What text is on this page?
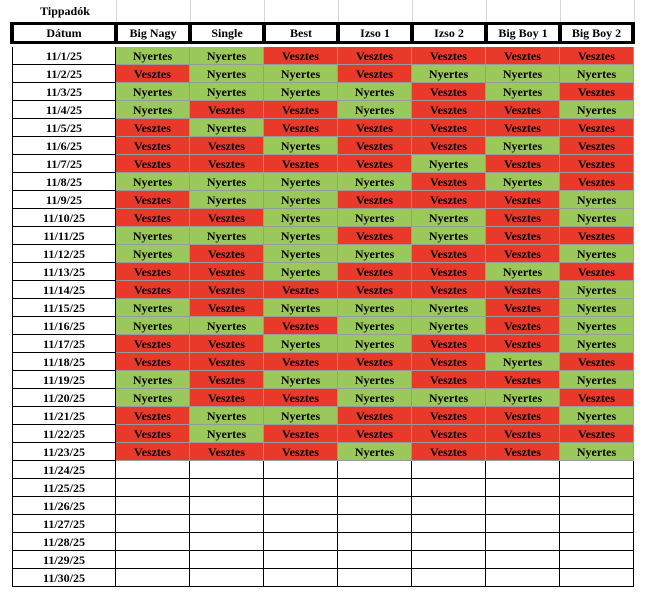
Tippadók
Dátum	Big Nagy	Single	Best	Izso 1	Izso 2	Big Boy 1	Big Boy 2
11/1/25	Nyertes	Nyertes	Vesztes	Vesztes	Vesztes	Vesztes	Vesztes
11/2/25	Vesztes	Nyertes	Nyertes	Vesztes	Nyertes	Nyertes	Nyertes
11/3/25	Nyertes	Nyertes	Nyertes	Nyertes	Vesztes	Nyertes	Vesztes
11/4/25	Nyertes	Vesztes	Vesztes	Nyertes	Vesztes	Vesztes	Nyertes
11/5/25	Vesztes	Nyertes	Vesztes	Vesztes	Vesztes	Vesztes	Vesztes
11/6/25	Vesztes	Vesztes	Nyertes	Vesztes	Vesztes	Nyertes	Vesztes
11/7/25	Vesztes	Vesztes	Vesztes	Vesztes	Nyertes	Vesztes	Vesztes
11/8/25	Nyertes	Nyertes	Nyertes	Nyertes	Vesztes	Nyertes	Vesztes
11/9/25	Vesztes	Nyertes	Nyertes	Vesztes	Vesztes	Vesztes	Nyertes
11/10/25	Vesztes	Vesztes	Nyertes	Nyertes	Nyertes	Vesztes	Nyertes
11/11/25	Nyertes	Nyertes	Nyertes	Vesztes	Nyertes	Vesztes	Vesztes
11/12/25	Nyertes	Vesztes	Nyertes	Nyertes	Vesztes	Vesztes	Nyertes
11/13/25	Vesztes	Vesztes	Nyertes	Vesztes	Vesztes	Nyertes	Vesztes
11/14/25	Vesztes	Vesztes	Vesztes	Vesztes	Vesztes	Vesztes	Nyertes
11/15/25	Nyertes	Vesztes	Nyertes	Nyertes	Nyertes	Vesztes	Nyertes
11/16/25	Nyertes	Nyertes	Vesztes	Nyertes	Nyertes	Vesztes	Nyertes
11/17/25	Vesztes	Vesztes	Nyertes	Nyertes	Vesztes	Vesztes	Nyertes
11/18/25	Vesztes	Vesztes	Vesztes	Vesztes	Vesztes	Nyertes	Vesztes
11/19/25	Nyertes	Vesztes	Nyertes	Nyertes	Vesztes	Vesztes	Nyertes
11/20/25	Nyertes	Vesztes	Vesztes	Nyertes	Nyertes	Nyertes	Vesztes
11/21/25	Vesztes	Nyertes	Nyertes	Vesztes	Vesztes	Vesztes	Nyertes
11/22/25	Vesztes	Nyertes	Vesztes	Vesztes	Vesztes	Vesztes	Vesztes
11/23/25	Vesztes	Vesztes	Vesztes	Nyertes	Vesztes	Vesztes	Nyertes
11/24/25
11/25/25
11/26/25
11/27/25
11/28/25
11/29/25
11/30/25
